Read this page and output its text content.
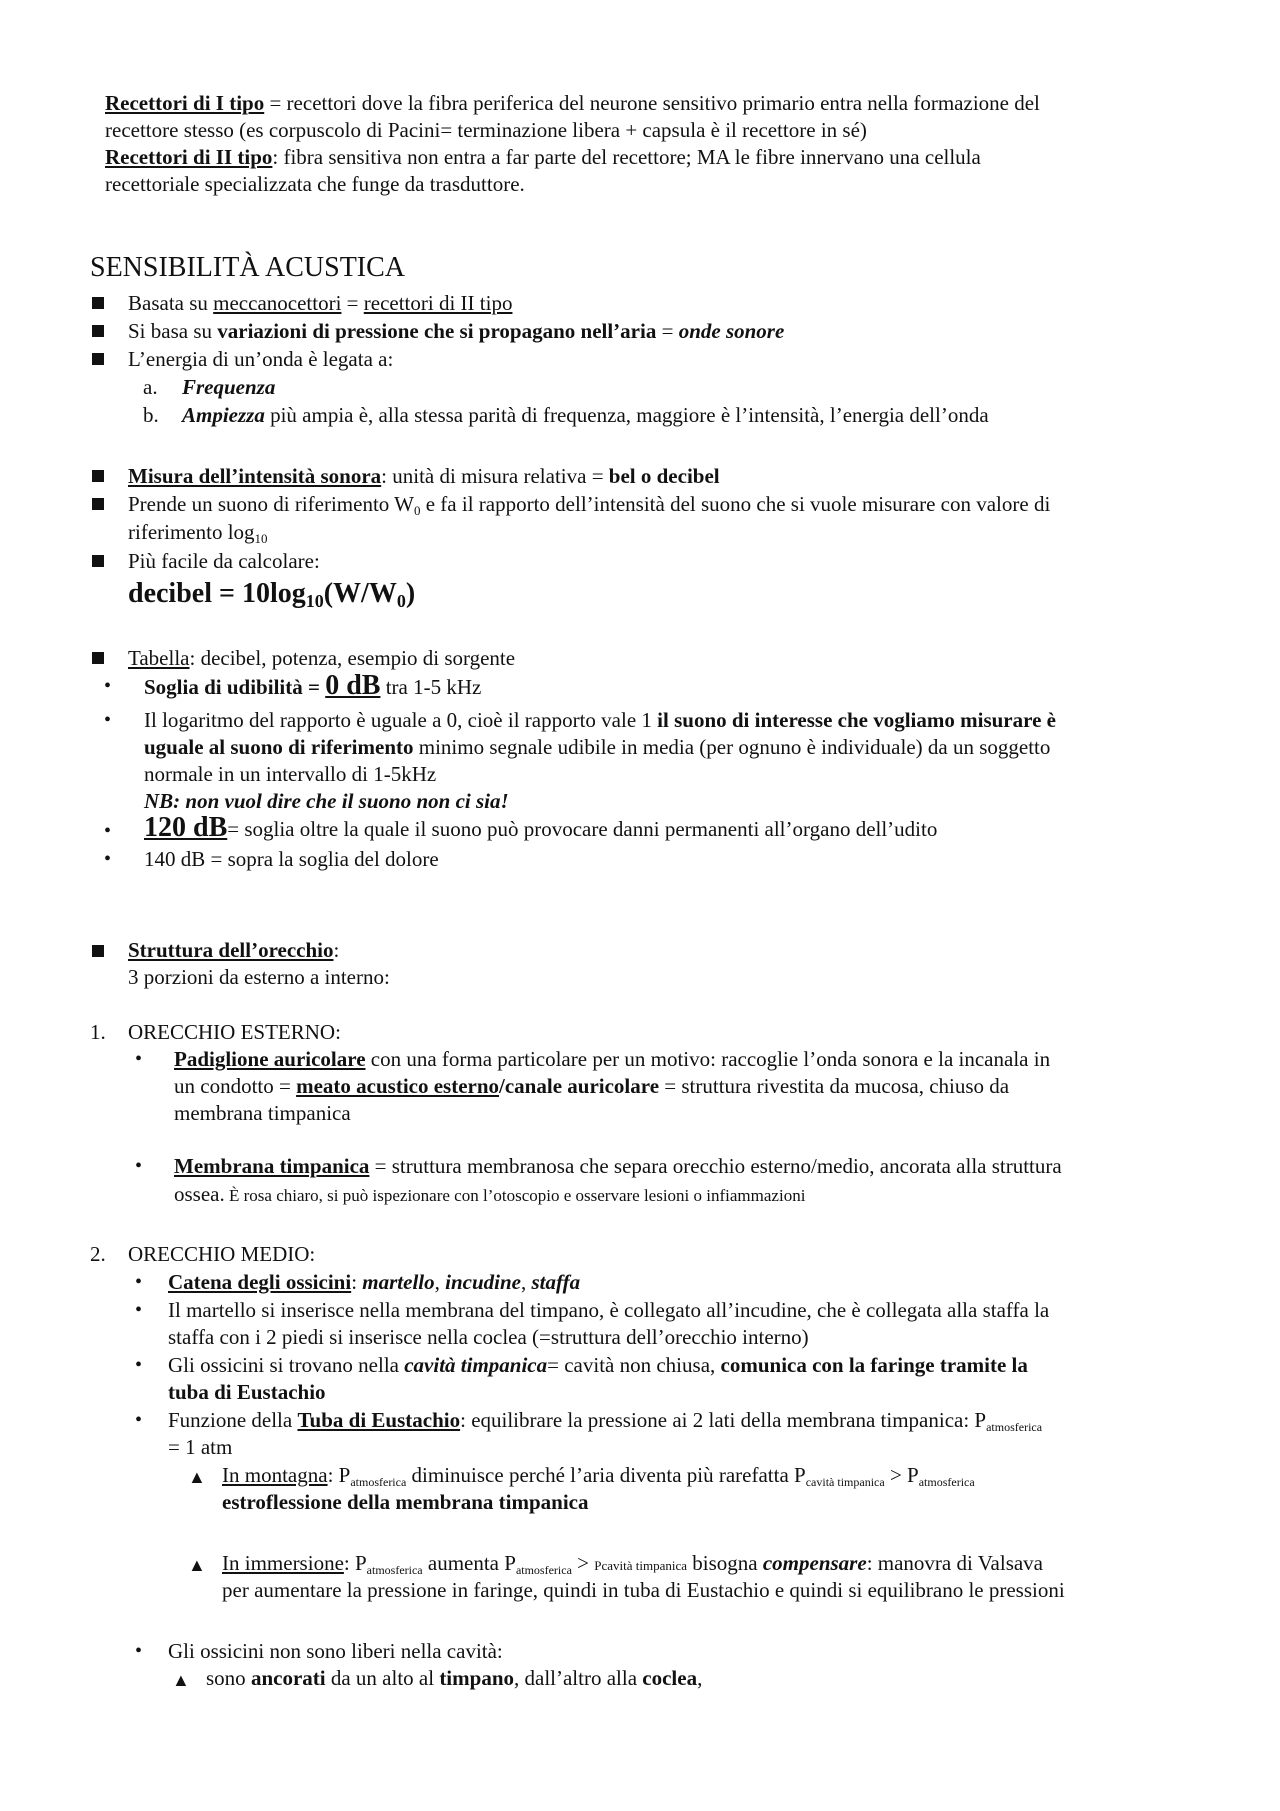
Recettori di I tipo = recettori dove la fibra periferica del neurone sensitivo primario entra nella formazione del
recettore stesso (es corpuscolo di Pacini= terminazione libera + capsula è il recettore in sé)
Recettori di II tipo: fibra sensitiva non entra a far parte del recettore; MA le fibre innervano una cellula
recettoriale specializzata che funge da trasduttore.
SENSIBILITÀ ACUSTICA
Basata su meccanocettori = recettori di II tipo
Si basa su variazioni di pressione che si propagano nell’aria = onde sonore
L’energia di un’onda è legata a:
a. Frequenza
b. Ampiezza più ampia è, alla stessa parità di frequenza, maggiore è l’intensità, l’energia dell’onda
Misura dell’intensità sonora: unità di misura relativa = bel o decibel
Prende un suono di riferimento $W_0$ e fa il rapporto dell’intensità del suono che si vuole misurare con valore di
riferimento $\log_{10}$
Più facile da calcolare:
decibel = $10\log_{10}(W/W_0)$
Tabella: decibel, potenza, esempio di sorgente
• Soglia di udibilità = 0 dB tra 1-5 kHz
• Il logaritmo del rapporto è uguale a 0, cioè il rapporto vale 1 il suono di interesse che vogliamo misurare è
uguale al suono di riferimento minimo segnale udibile in media (per ognuno è individuale) da un soggetto
normale in un intervallo di 1-5kHz
NB: non vuol dire che il suono non ci sia!
• 120 dB= soglia oltre la quale il suono può provocare danni permanenti all’organo dell’udito
• 140 dB = sopra la soglia del dolore
Struttura dell’orecchio:
3 porzioni da esterno a interno:
1. ORECCHIO ESTERNO:
• Padiglione auricolare con una forma particolare per un motivo: raccoglie l’onda sonora e la incanala in
un condotto = meato acustico esterno/canale auricolare = struttura rivestita da mucosa, chiuso da
membrana timpanica
• Membrana timpanica = struttura membranosa che separa orecchio esterno/medio, ancorata alla struttura
ossea. È rosa chiaro, si può ispezionare con l’otoscopio e osservare lesioni o infiammazioni
2. ORECCHIO MEDIO:
• Catena degli ossicini: martello, incudine, staffa
• Il martello si inserisce nella membrana del timpano, è collegato all’incudine, che è collegata alla staffa la
staffa con i 2 piedi si inserisce nella coclea (=struttura dell’orecchio interno)
• Gli ossicini si trovano nella cavità timpanica= cavità non chiusa, comunica con la faringe tramite la
tuba di Eustachio
• Funzione della Tuba di Eustachio: equilibrare la pressione ai 2 lati della membrana timpanica: $P_{atmosferica}$
= 1 atm
▲ In montagna: $P_{atmosferica}$ diminuisce perché l’aria diventa più rarefatta $P_{cavità timpanica} > P_{atmosferica}$
estroflessione della membrana timpanica
▲ In immersione: $P_{atmosferica}$ aumenta $P_{atmosferica}$ > Pcavità timpanica bisogna compensare: manovra di Valsava
per aumentare la pressione in faringe, quindi in tuba di Eustachio e quindi si equilibrano le pressioni
• Gli ossicini non sono liberi nella cavità:
▲ sono ancorati da un alto al timpano, dall’altro alla coclea,
